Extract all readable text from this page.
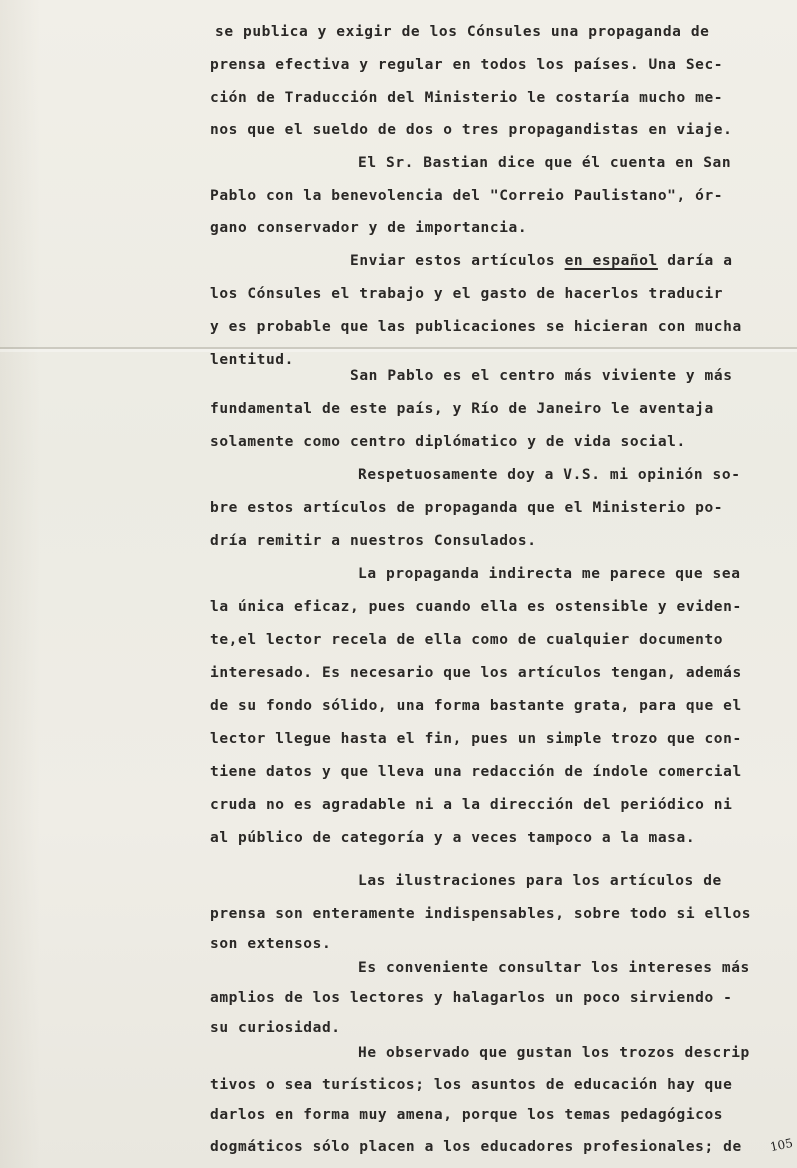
se publica y exigir de los Cónsules una propaganda de
prensa efectiva y regular en todos los países. Una Sec-
ción de Traducción del Ministerio le costaría mucho me-
nos que el sueldo de dos o tres propagandistas en viaje.
El Sr. Bastian dice que él cuenta en San
Pablo con la benevolencia del "Correio Paulistano", ór-
gano conservador y de importancia.
Enviar estos artículos en español daría a
los Cónsules el trabajo y el gasto de hacerlos traducir
y es probable que las publicaciones se hicieran con mucha
lentitud.
San Pablo es el centro más viviente y más
fundamental de este país, y Río de Janeiro le aventaja
solamente como centro diplómatico y de vida social.
Respetuosamente doy a V.S. mi opinión so-
bre estos artículos de propaganda que el Ministerio po-
dría remitir a nuestros Consulados.
La propaganda indirecta me parece que sea
la única eficaz, pues cuando ella es ostensible y eviden-
te,el lector recela de ella como de cualquier documento
interesado. Es necesario que los artículos tengan, además
de su fondo sólido, una forma bastante grata, para que el
lector llegue hasta el fin, pues un simple trozo que con-
tiene datos y que lleva una redacción de índole comercial
cruda no es agradable ni a la dirección del periódico ni
al público de categoría y a veces tampoco a la masa.
Las ilustraciones para los artículos de
prensa son enteramente indispensables, sobre todo si ellos
son extensos.
Es conveniente consultar los intereses más
amplios de los lectores y halagarlos un poco sirviendo -
su curiosidad.
He observado que gustan los trozos descrip
tivos o sea turísticos; los asuntos de educación hay que
darlos en forma muy amena, porque los temas pedagógicos
dogmáticos sólo placen a los educadores profesionales; de 105
